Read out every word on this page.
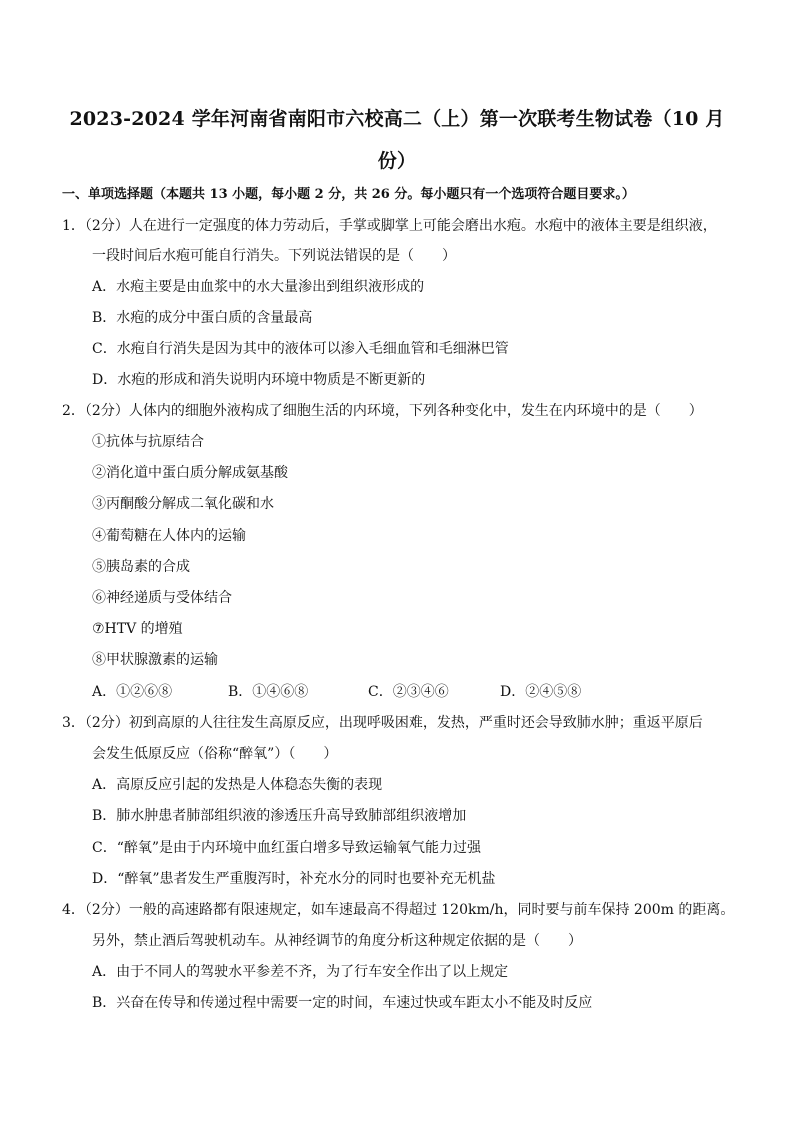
2023-2024 学年河南省南阳市六校高二（上）第一次联考生物试卷（10 月
份）
一、单项选择题（本题共 13 小题，每小题 2 分，共 26 分。每小题只有一个选项符合题目要求。）
1．（2分）人在进行一定强度的体力劳动后，手掌或脚掌上可能会磨出水疱。水疱中的液体主要是组织液，
一段时间后水疱可能自行消失。下列说法错误的是（　　）
A．水疱主要是由血浆中的水大量渗出到组织液形成的
B．水疱的成分中蛋白质的含量最高
C．水疱自行消失是因为其中的液体可以渗入毛细血管和毛细淋巴管
D．水疱的形成和消失说明内环境中物质是不断更新的
2．（2分）人体内的细胞外液构成了细胞生活的内环境，下列各种变化中，发生在内环境中的是（　　）
①抗体与抗原结合
②消化道中蛋白质分解成氨基酸
③丙酮酸分解成二氧化碳和水
④葡萄糖在人体内的运输
⑤胰岛素的合成
⑥神经递质与受体结合
⑦HTV 的增殖
⑧甲状腺激素的运输
A．①②⑥⑧	B．①④⑥⑧	C．②③④⑥	D．②④⑤⑧
3．（2分）初到高原的人往往发生高原反应，出现呼吸困难，发热，严重时还会导致肺水肿；重返平原后
会发生低原反应（俗称“醉氧”）（　　）
A．高原反应引起的发热是人体稳态失衡的表现
B．肺水肿患者肺部组织液的渗透压升高导致肺部组织液增加
C．“醉氧”是由于内环境中血红蛋白增多导致运输氧气能力过强
D．“醉氧”患者发生严重腹泻时，补充水分的同时也要补充无机盐
4．（2分）一般的高速路都有限速规定，如车速最高不得超过 120km/h，同时要与前车保持 200m 的距离。
另外，禁止酒后驾驶机动车。从神经调节的角度分析这种规定依据的是（　　）
A．由于不同人的驾驶水平参差不齐，为了行车安全作出了以上规定
B．兴奋在传导和传递过程中需要一定的时间，车速过快或车距太小不能及时反应
